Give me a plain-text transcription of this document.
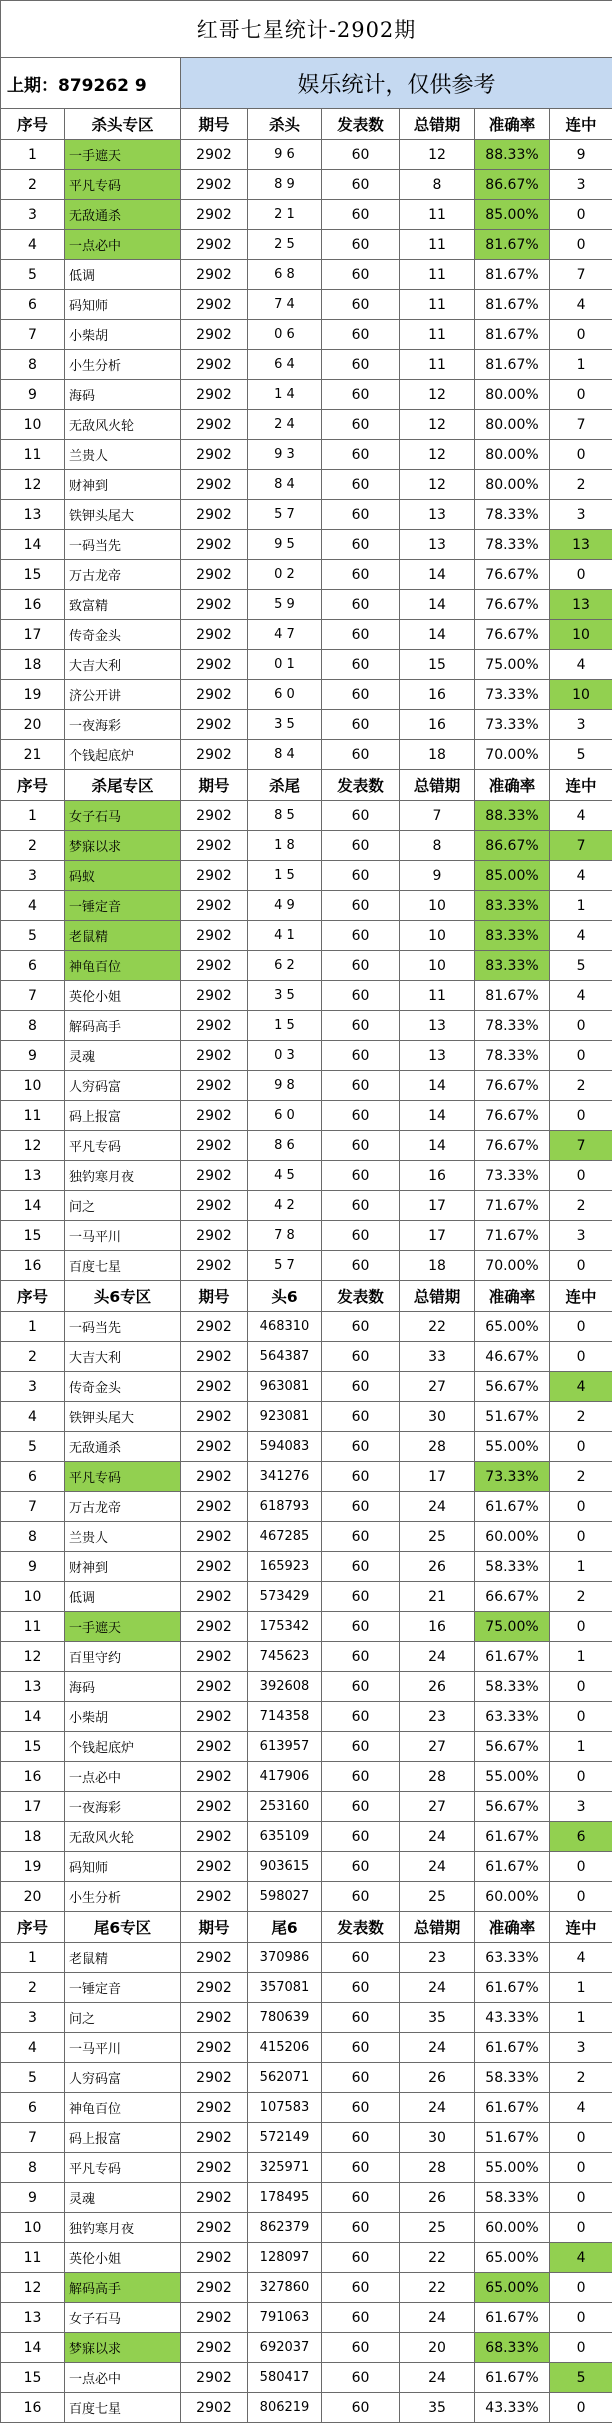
红哥七星统计-2902期							
上期：879262 9		娱乐统计，仅供参考					
序号	杀头专区	期号	杀头	发表数	总错期	准确率	连中
1	一手遮天	2902	9 6	60	12	88.33%	9
2	平凡专码	2902	8 9	60	8	86.67%	3
3	无敌通杀	2902	2 1	60	11	85.00%	0
4	一点必中	2902	2 5	60	11	81.67%	0
5	低调	2902	6 8	60	11	81.67%	7
6	码知师	2902	7 4	60	11	81.67%	4
7	小柴胡	2902	0 6	60	11	81.67%	0
8	小生分析	2902	6 4	60	11	81.67%	1
9	海码	2902	1 4	60	12	80.00%	0
10	无敌风火轮	2902	2 4	60	12	80.00%	7
11	兰贵人	2902	9 3	60	12	80.00%	0
12	财神到	2902	8 4	60	12	80.00%	2
13	铁钾头尾大	2902	5 7	60	13	78.33%	3
14	一码当先	2902	9 5	60	13	78.33%	13
15	万古龙帝	2902	0 2	60	14	76.67%	0
16	致富精	2902	5 9	60	14	76.67%	13
17	传奇金头	2902	4 7	60	14	76.67%	10
18	大吉大利	2902	0 1	60	15	75.00%	4
19	济公开讲	2902	6 0	60	16	73.33%	10
20	一夜海彩	2902	3 5	60	16	73.33%	3
21	个钱起底炉	2902	8 4	60	18	70.00%	5
序号	杀尾专区	期号	杀尾	发表数	总错期	准确率	连中
1	女子石马	2902	8 5	60	7	88.33%	4
2	梦寐以求	2902	1 8	60	8	86.67%	7
3	码蚁	2902	1 5	60	9	85.00%	4
4	一锤定音	2902	4 9	60	10	83.33%	1
5	老鼠精	2902	4 1	60	10	83.33%	4
6	神龟百位	2902	6 2	60	10	83.33%	5
7	英伦小姐	2902	3 5	60	11	81.67%	4
8	解码高手	2902	1 5	60	13	78.33%	0
9	灵魂	2902	0 3	60	13	78.33%	0
10	人穷码富	2902	9 8	60	14	76.67%	2
11	码上报富	2902	6 0	60	14	76.67%	0
12	平凡专码	2902	8 6	60	14	76.67%	7
13	独钓寒月夜	2902	4 5	60	16	73.33%	0
14	问之	2902	4 2	60	17	71.67%	2
15	一马平川	2902	7 8	60	17	71.67%	3
16	百度七星	2902	5 7	60	18	70.00%	0
序号	头6专区	期号	头6	发表数	总错期	准确率	连中
1	一码当先	2902	468310	60	22	65.00%	0
2	大吉大利	2902	564387	60	33	46.67%	0
3	传奇金头	2902	963081	60	27	56.67%	4
4	铁钾头尾大	2902	923081	60	30	51.67%	2
5	无敌通杀	2902	594083	60	28	55.00%	0
6	平凡专码	2902	341276	60	17	73.33%	2
7	万古龙帝	2902	618793	60	24	61.67%	0
8	兰贵人	2902	467285	60	25	60.00%	0
9	财神到	2902	165923	60	26	58.33%	1
10	低调	2902	573429	60	21	66.67%	2
11	一手遮天	2902	175342	60	16	75.00%	0
12	百里守约	2902	745623	60	24	61.67%	1
13	海码	2902	392608	60	26	58.33%	0
14	小柴胡	2902	714358	60	23	63.33%	0
15	个钱起底炉	2902	613957	60	27	56.67%	1
16	一点必中	2902	417906	60	28	55.00%	0
17	一夜海彩	2902	253160	60	27	56.67%	3
18	无敌风火轮	2902	635109	60	24	61.67%	6
19	码知师	2902	903615	60	24	61.67%	0
20	小生分析	2902	598027	60	25	60.00%	0
序号	尾6专区	期号	尾6	发表数	总错期	准确率	连中
1	老鼠精	2902	370986	60	23	63.33%	4
2	一锤定音	2902	357081	60	24	61.67%	1
3	问之	2902	780639	60	35	43.33%	1
4	一马平川	2902	415206	60	24	61.67%	3
5	人穷码富	2902	562071	60	26	58.33%	2
6	神龟百位	2902	107583	60	24	61.67%	4
7	码上报富	2902	572149	60	30	51.67%	0
8	平凡专码	2902	325971	60	28	55.00%	0
9	灵魂	2902	178495	60	26	58.33%	0
10	独钓寒月夜	2902	862379	60	25	60.00%	0
11	英伦小姐	2902	128097	60	22	65.00%	4
12	解码高手	2902	327860	60	22	65.00%	0
13	女子石马	2902	791063	60	24	61.67%	0
14	梦寐以求	2902	692037	60	20	68.33%	0
15	一点必中	2902	580417	60	24	61.67%	5
16	百度七星	2902	806219	60	35	43.33%	0
